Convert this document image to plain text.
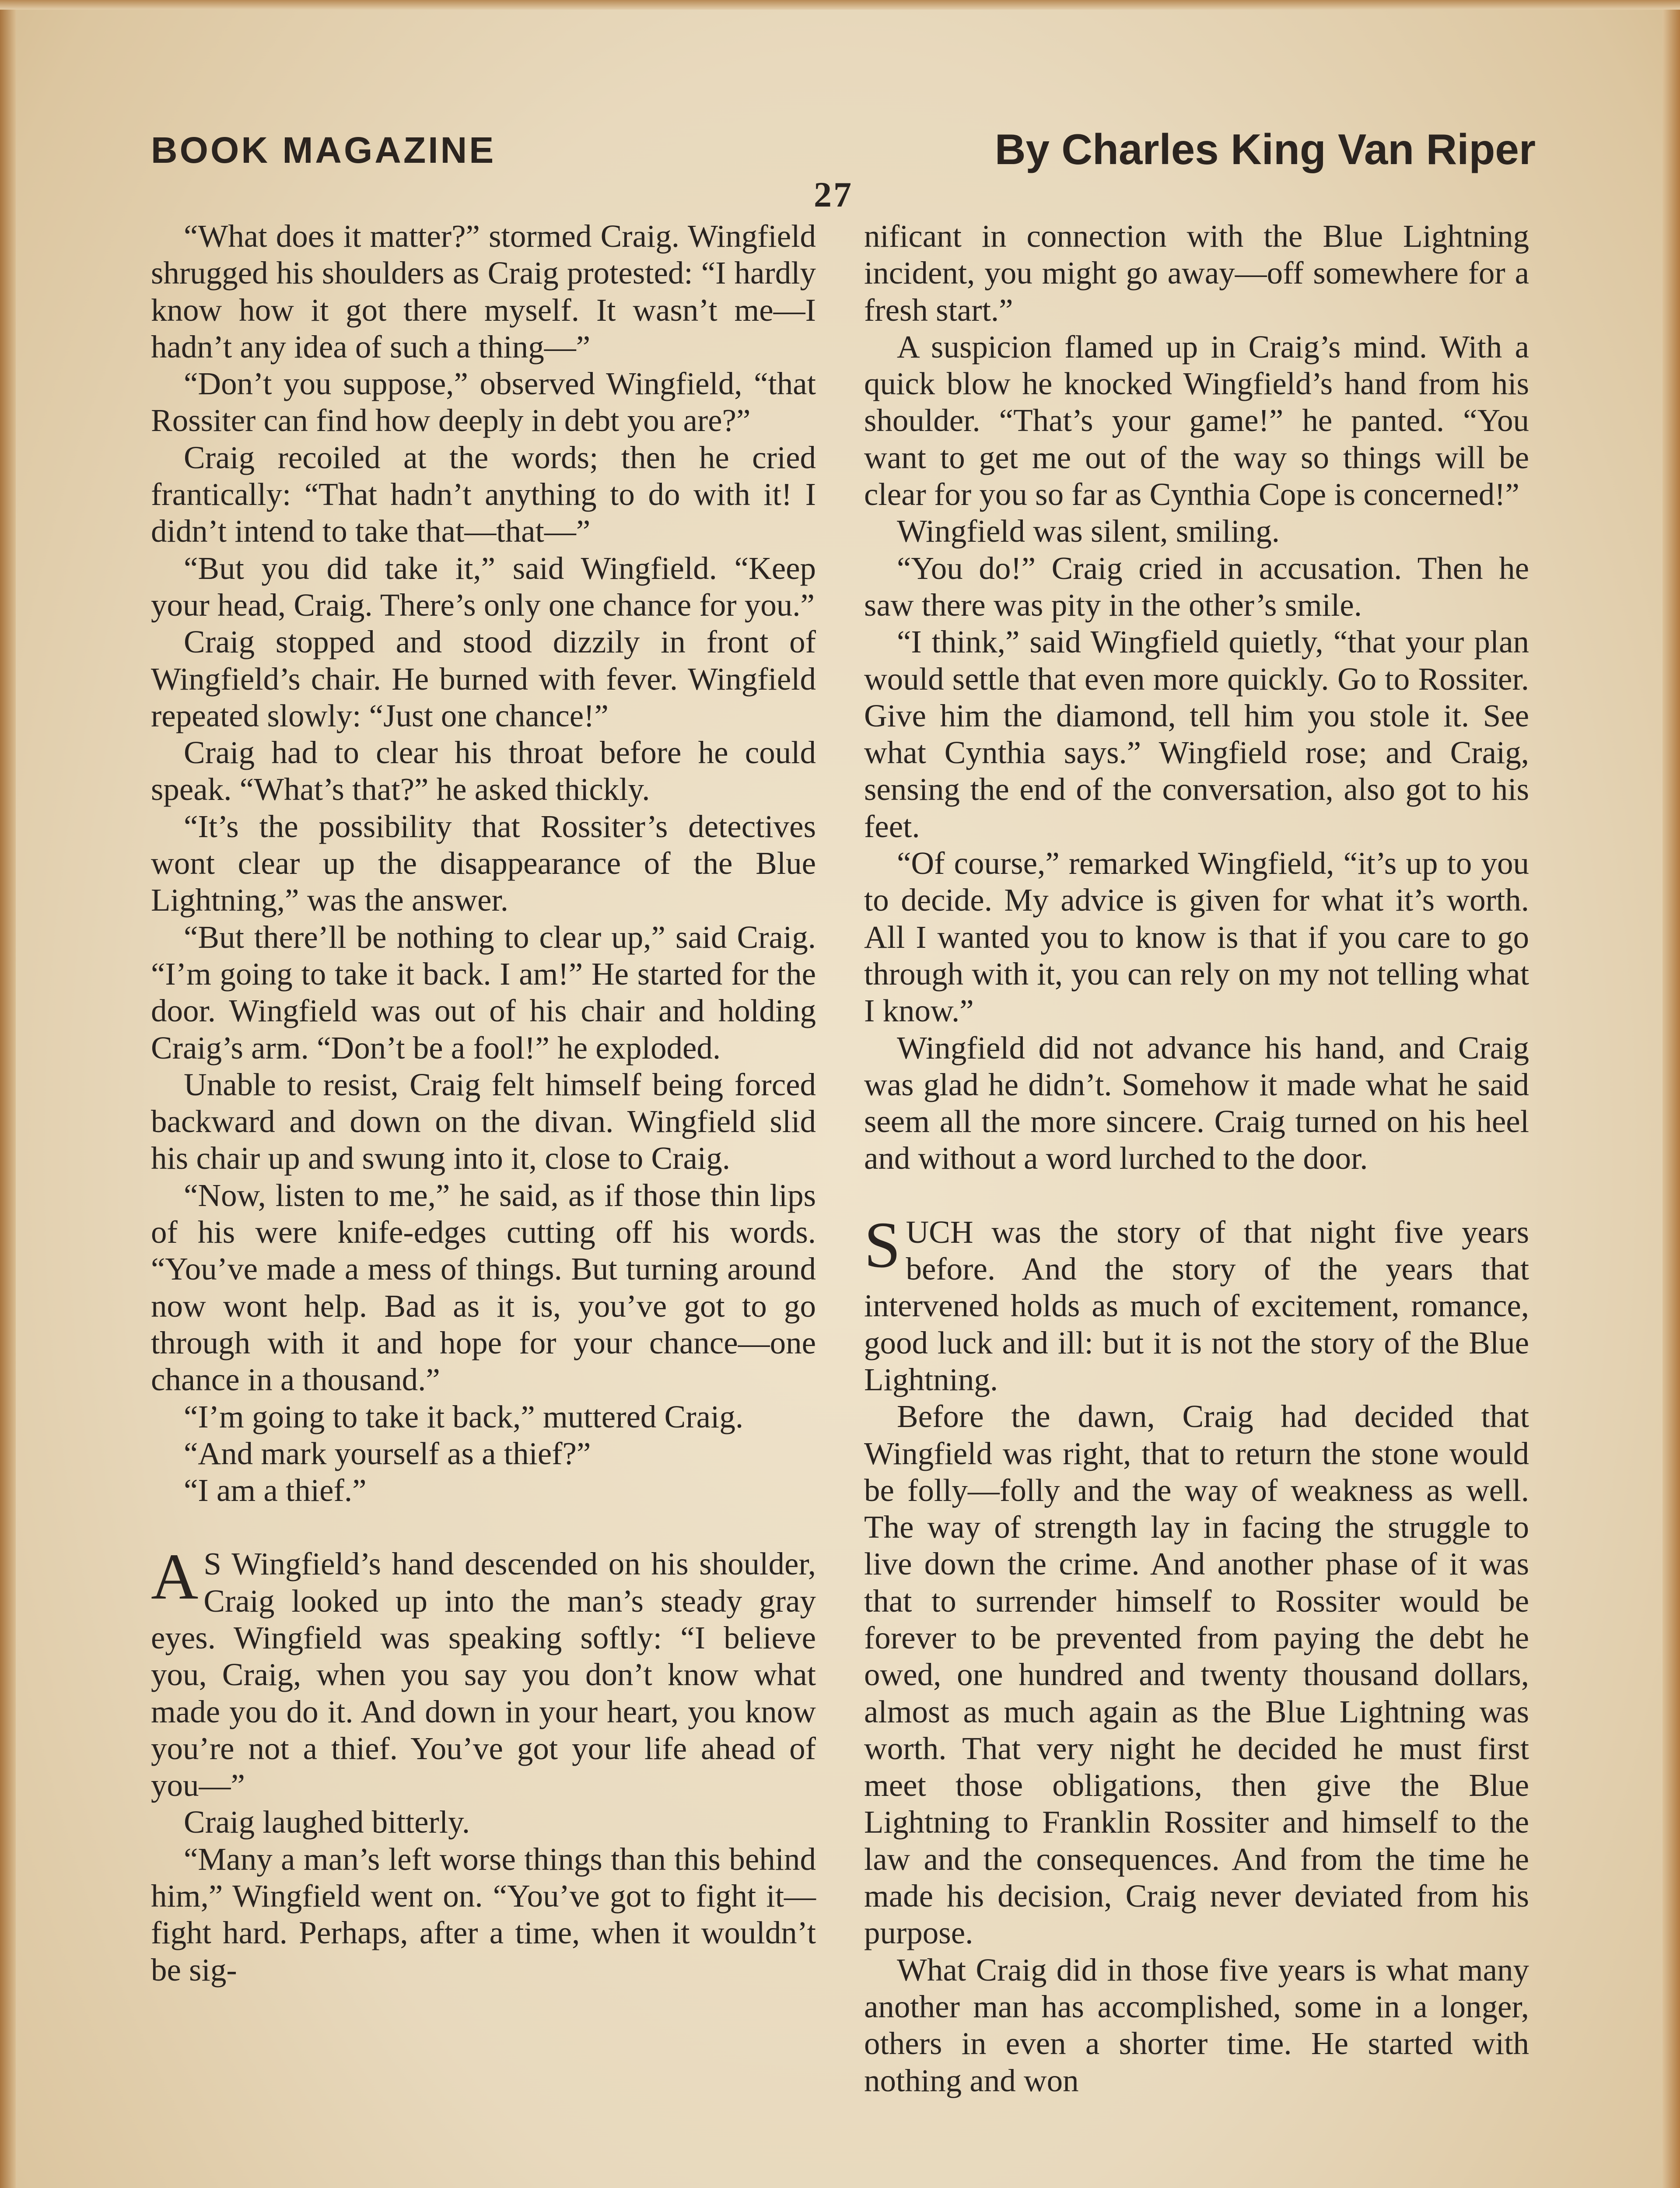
BOOK MAGAZINE	By Charles King Van Riper
27

“What does it matter?” stormed Craig. Wingfield shrugged his shoulders as Craig protested: “I hardly know how it got there myself. It wasn’t me—I hadn’t any idea of such a thing—”

“Don’t you suppose,” observed Wingfield, “that Rossiter can find how deeply in debt you are?”

Craig recoiled at the words; then he cried frantically: “That hadn’t anything to do with it! I didn’t intend to take that—that—”

“But you did take it,” said Wingfield. “Keep your head, Craig. There’s only one chance for you.”

Craig stopped and stood dizzily in front of Wingfield’s chair. He burned with fever. Wingfield repeated slowly: “Just one chance!”

Craig had to clear his throat before he could speak. “What’s that?” he asked thickly.

“It’s the possibility that Rossiter’s detectives wont clear up the disappearance of the Blue Lightning,” was the answer.

“But there’ll be nothing to clear up,” said Craig. “I’m going to take it back. I am!” He started for the door. Wingfield was out of his chair and holding Craig’s arm. “Don’t be a fool!” he exploded.

Unable to resist, Craig felt himself being forced backward and down on the divan. Wingfield slid his chair up and swung into it, close to Craig.

“Now, listen to me,” he said, as if those thin lips of his were knife-edges cutting off his words. “You’ve made a mess of things. But turning around now wont help. Bad as it is, you’ve got to go through with it and hope for your chance—one chance in a thousand.”

“I’m going to take it back,” muttered Craig.

“And mark yourself as a thief?”

“I am a thief.”

A S Wingfield’s hand descended on his shoulder, Craig looked up into the man’s steady gray eyes. Wingfield was speaking softly: “I believe you, Craig, when you say you don’t know what made you do it. And down in your heart, you know you’re not a thief. You’ve got your life ahead of you—”

Craig laughed bitterly.

“Many a man’s left worse things than this behind him,” Wingfield went on. “You’ve got to fight it—fight hard. Perhaps, after a time, when it wouldn’t be sig-

nificant in connection with the Blue Lightning incident, you might go away—off somewhere for a fresh start.”

A suspicion flamed up in Craig’s mind. With a quick blow he knocked Wingfield’s hand from his shoulder. “That’s your game!” he panted. “You want to get me out of the way so things will be clear for you so far as Cynthia Cope is concerned!”

Wingfield was silent, smiling.

“You do!” Craig cried in accusation. Then he saw there was pity in the other’s smile.

“I think,” said Wingfield quietly, “that your plan would settle that even more quickly. Go to Rossiter. Give him the diamond, tell him you stole it. See what Cynthia says.” Wingfield rose; and Craig, sensing the end of the conversation, also got to his feet.

“Of course,” remarked Wingfield, “it’s up to you to decide. My advice is given for what it’s worth. All I wanted you to know is that if you care to go through with it, you can rely on my not telling what I know.”

Wingfield did not advance his hand, and Craig was glad he didn’t. Somehow it made what he said seem all the more sincere. Craig turned on his heel and without a word lurched to the door.

SUCH was the story of that night five years before. And the story of the years that intervened holds as much of excitement, romance, good luck and ill: but it is not the story of the Blue Lightning.

Before the dawn, Craig had decided that Wingfield was right, that to return the stone would be folly—folly and the way of weakness as well. The way of strength lay in facing the struggle to live down the crime. And another phase of it was that to surrender himself to Rossiter would be forever to be prevented from paying the debt he owed, one hundred and twenty thousand dollars, almost as much again as the Blue Lightning was worth. That very night he decided he must first meet those obligations, then give the Blue Lightning to Franklin Rossiter and himself to the law and the consequences. And from the time he made his decision, Craig never deviated from his purpose.

What Craig did in those five years is what many another man has accomplished, some in a longer, others in even a shorter time. He started with nothing and won
